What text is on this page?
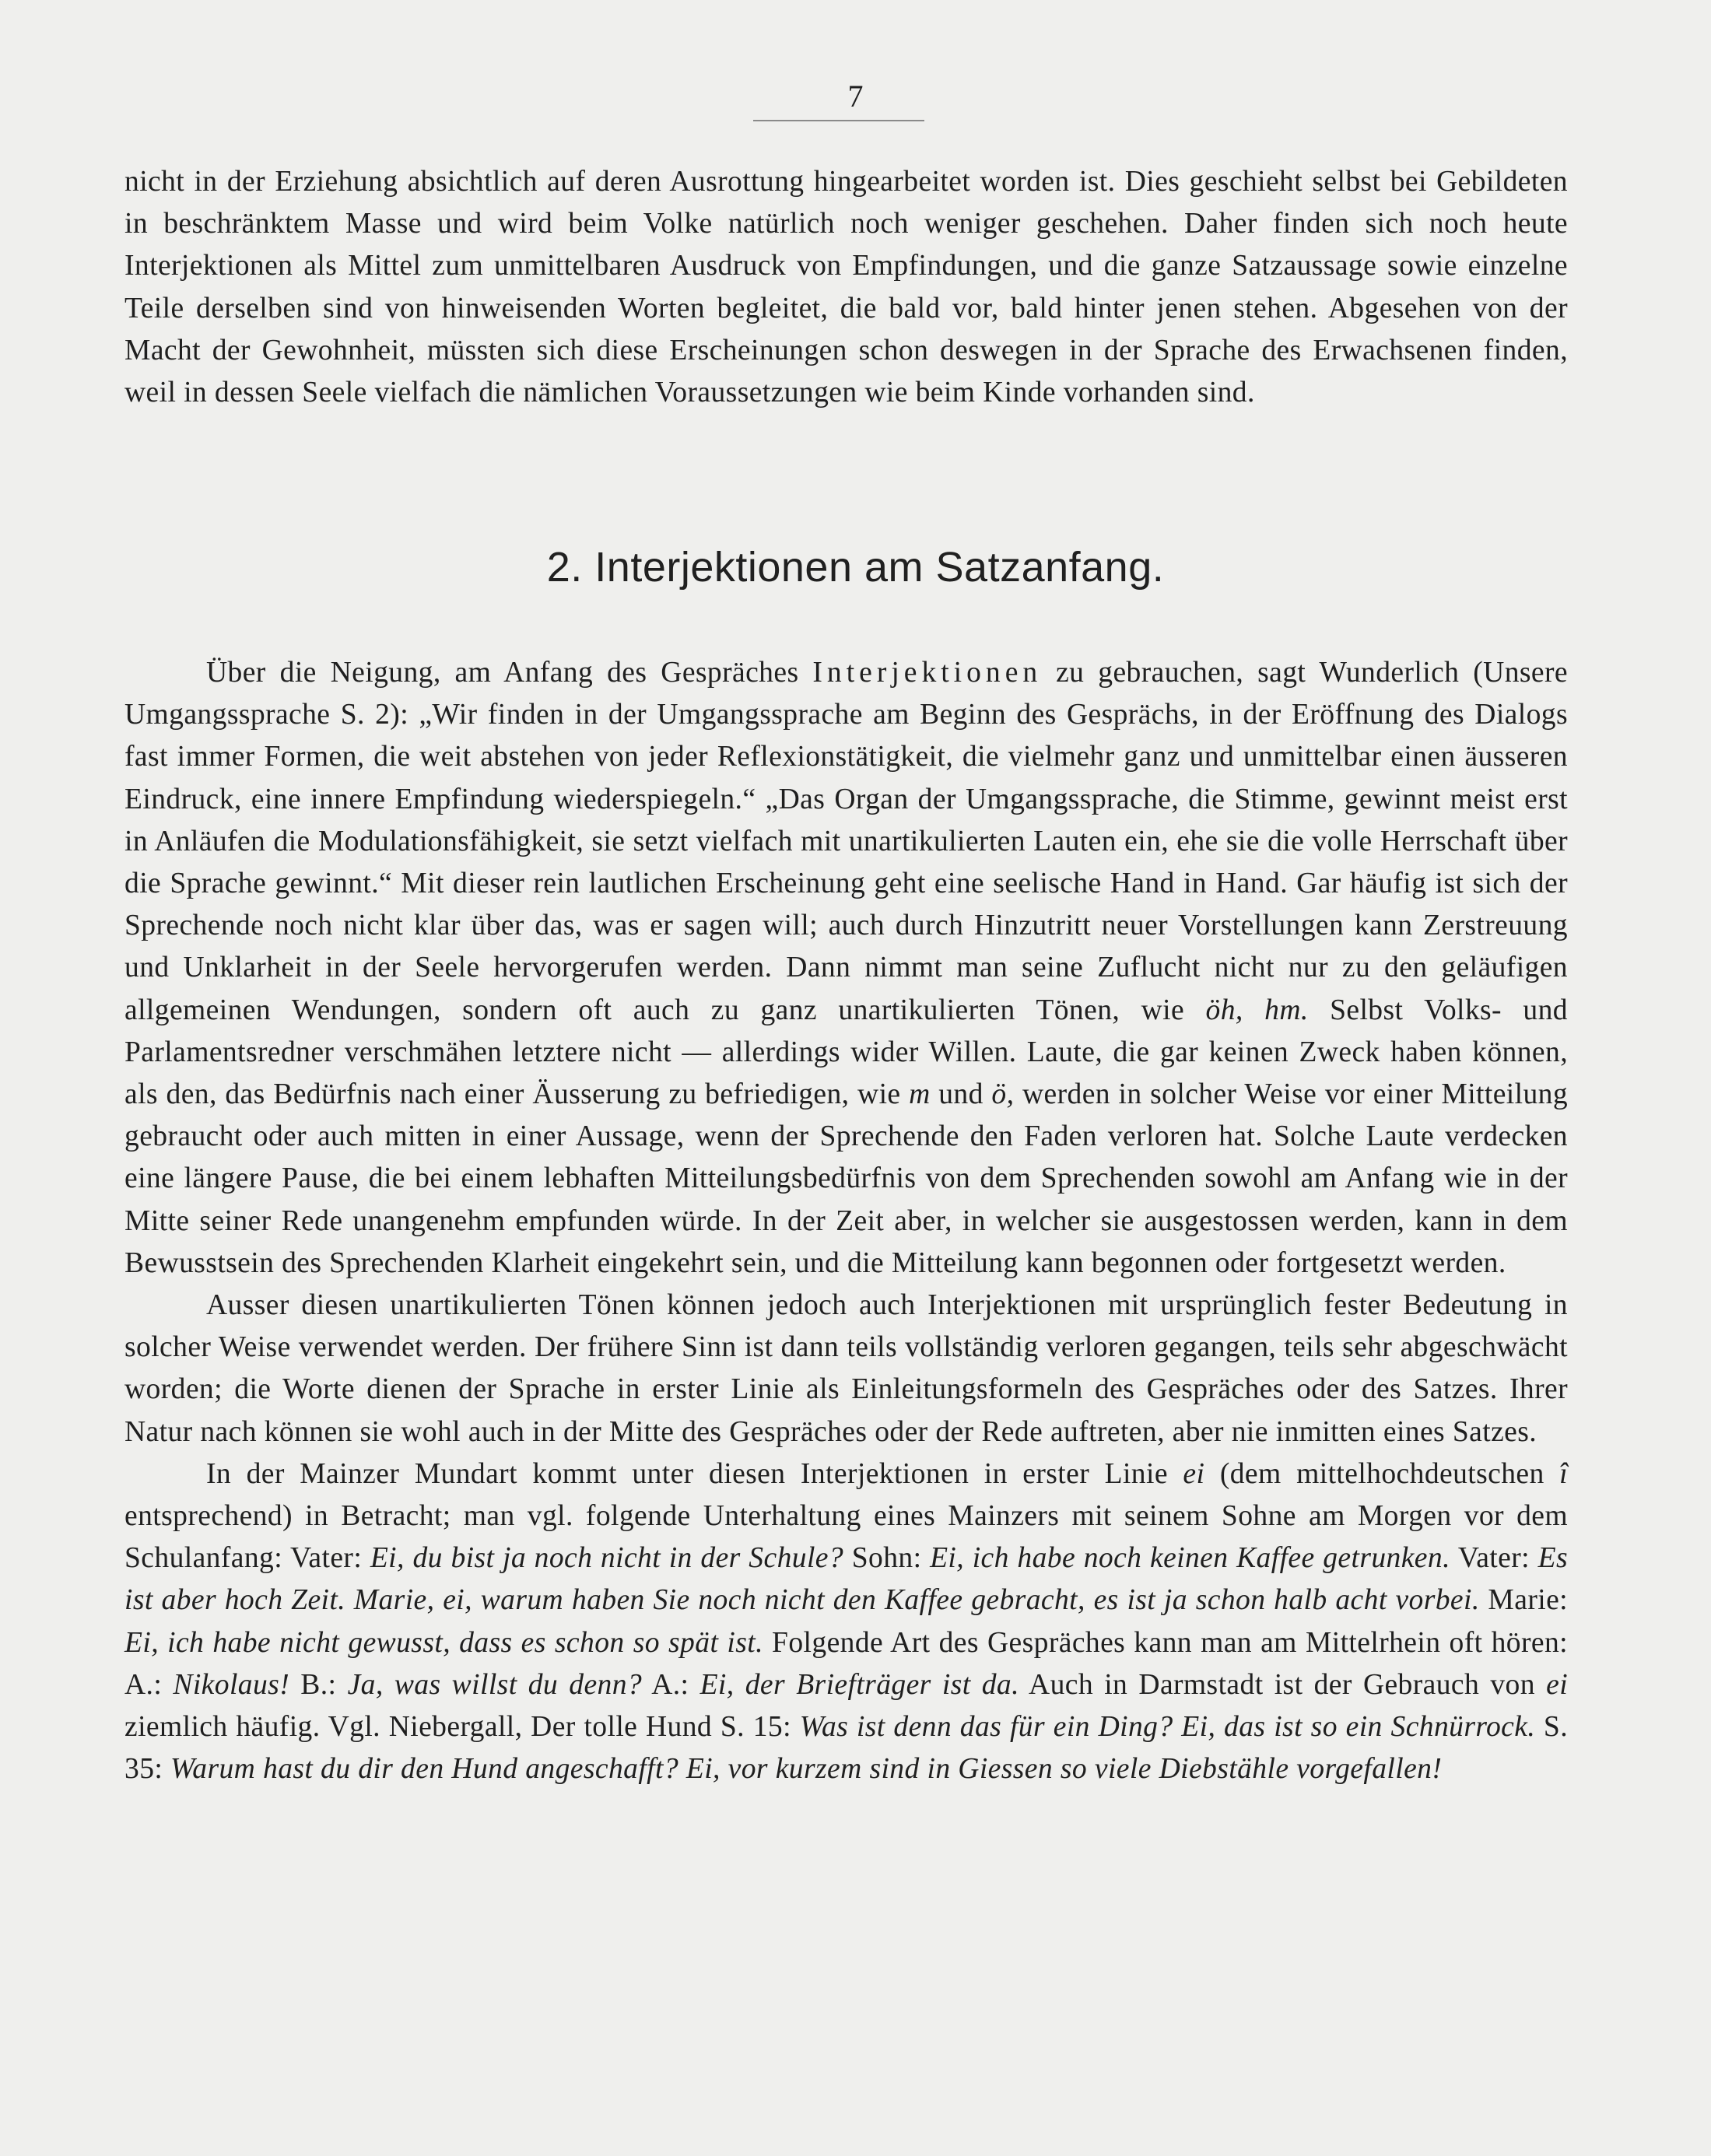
7

nicht in der Erziehung absichtlich auf deren Ausrottung hingearbeitet worden ist. Dies geschieht selbst bei Gebildeten in beschränktem Masse und wird beim Volke natürlich noch weniger geschehen. Daher finden sich noch heute Interjektionen als Mittel zum unmittelbaren Ausdruck von Empfindungen, und die ganze Satzaussage sowie einzelne Teile derselben sind von hinweisenden Worten begleitet, die bald vor, bald hinter jenen stehen. Abgesehen von der Macht der Gewohnheit, müssten sich diese Erscheinungen schon deswegen in der Sprache des Erwachsenen finden, weil in dessen Seele vielfach die nämlichen Voraussetzungen wie beim Kinde vorhanden sind.

2. Interjektionen am Satzanfang.

Über die Neigung, am Anfang des Gespräches Interjektionen zu gebrauchen, sagt Wunderlich (Unsere Umgangssprache S. 2): „Wir finden in der Umgangssprache am Beginn des Gesprächs, in der Eröffnung des Dialogs fast immer Formen, die weit abstehen von jeder Reflexionstätigkeit, die vielmehr ganz und unmittelbar einen äusseren Eindruck, eine innere Empfindung wiederspiegeln.“ „Das Organ der Umgangssprache, die Stimme, gewinnt meist erst in Anläufen die Modulationsfähigkeit, sie setzt vielfach mit unartikulierten Lauten ein, ehe sie die volle Herrschaft über die Sprache gewinnt.“ Mit dieser rein lautlichen Erscheinung geht eine seelische Hand in Hand. Gar häufig ist sich der Sprechende noch nicht klar über das, was er sagen will; auch durch Hinzutritt neuer Vorstellungen kann Zerstreuung und Unklarheit in der Seele hervorgerufen werden. Dann nimmt man seine Zuflucht nicht nur zu den geläufigen allgemeinen Wendungen, sondern oft auch zu ganz unartikulierten Tönen, wie öh, hm. Selbst Volks- und Parlamentsredner verschmähen letztere nicht — allerdings wider Willen. Laute, die gar keinen Zweck haben können, als den, das Bedürfnis nach einer Äusserung zu befriedigen, wie m und ö, werden in solcher Weise vor einer Mitteilung gebraucht oder auch mitten in einer Aussage, wenn der Sprechende den Faden verloren hat. Solche Laute verdecken eine längere Pause, die bei einem lebhaften Mitteilungsbedürfnis von dem Sprechenden sowohl am Anfang wie in der Mitte seiner Rede unangenehm empfunden würde. In der Zeit aber, in welcher sie ausgestossen werden, kann in dem Bewusstsein des Sprechenden Klarheit eingekehrt sein, und die Mitteilung kann begonnen oder fortgesetzt werden.

Ausser diesen unartikulierten Tönen können jedoch auch Interjektionen mit ursprünglich fester Bedeutung in solcher Weise verwendet werden. Der frühere Sinn ist dann teils vollständig verloren gegangen, teils sehr abgeschwächt worden; die Worte dienen der Sprache in erster Linie als Einleitungsformeln des Gespräches oder des Satzes. Ihrer Natur nach können sie wohl auch in der Mitte des Gespräches oder der Rede auftreten, aber nie inmitten eines Satzes.

In der Mainzer Mundart kommt unter diesen Interjektionen in erster Linie ei (dem mittelhochdeutschen î entsprechend) in Betracht; man vgl. folgende Unterhaltung eines Mainzers mit seinem Sohne am Morgen vor dem Schulanfang: Vater: Ei, du bist ja noch nicht in der Schule? Sohn: Ei, ich habe noch keinen Kaffee getrunken. Vater: Es ist aber hoch Zeit. Marie, ei, warum haben Sie noch nicht den Kaffee gebracht, es ist ja schon halb acht vorbei. Marie: Ei, ich habe nicht gewusst, dass es schon so spät ist. Folgende Art des Gespräches kann man am Mittelrhein oft hören: A.: Nikolaus! B.: Ja, was willst du denn? A.: Ei, der Briefträger ist da. Auch in Darmstadt ist der Gebrauch von ei ziemlich häufig. Vgl. Niebergall, Der tolle Hund S. 15: Was ist denn das für ein Ding? Ei, das ist so ein Schnürrock. S. 35: Warum hast du dir den Hund angeschafft? Ei, vor kurzem sind in Giessen so viele Diebstähle vorgefallen!
